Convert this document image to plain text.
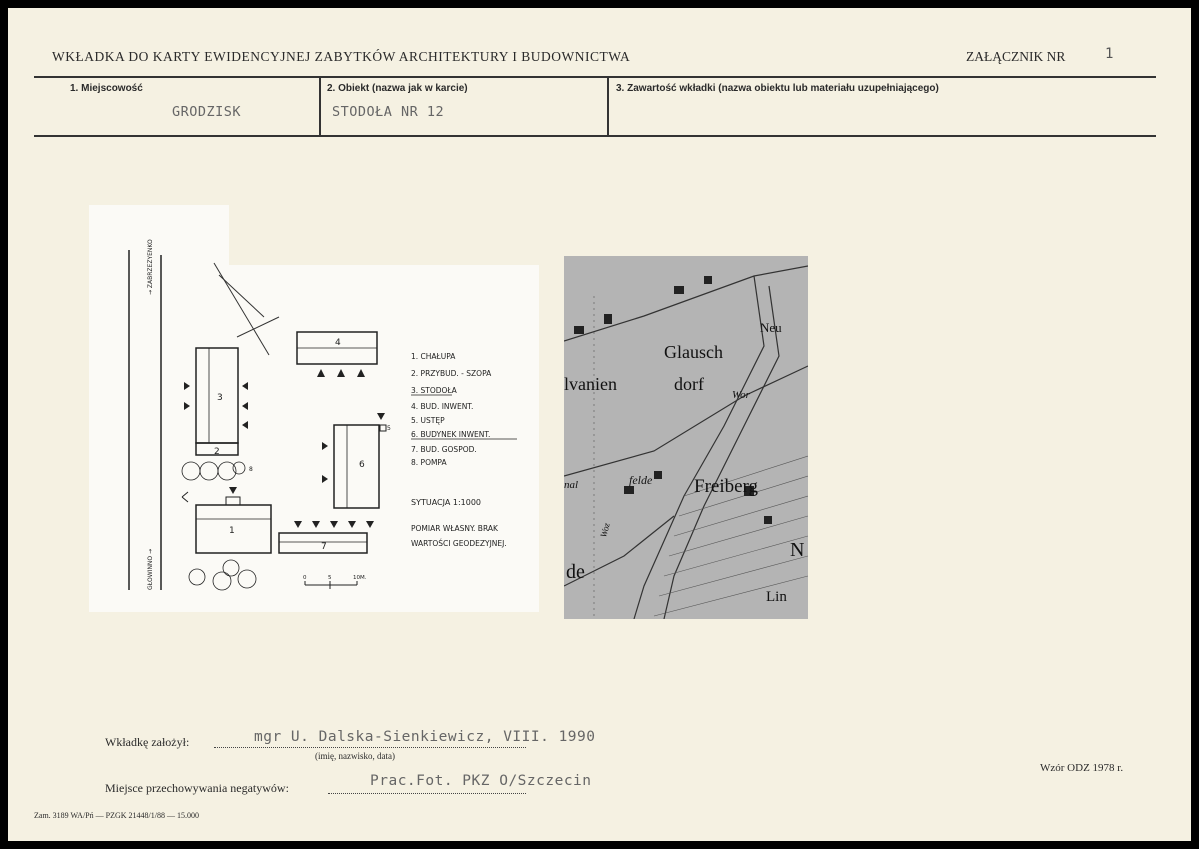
WKŁADKA DO KARTY EWIDENCYJNEJ ZABYTKÓW ARCHITEKTURY I BUDOWNICTWA	ZAŁĄCZNIK NR	1
1. Miejscowość
GRODZISK
2. Obiekt (nazwa jak w karcie)
STODOŁA NR 12
3. Zawartość wkładki (nazwa obiektu lub materiału uzupełniającego)
→ ZABRZEZYENKO
GŁOWINNO →
3
2
4
6
5
8
1
7
0	5	10M.
1. CHAŁUPA
2. PRZYBUD. - SZOPA
3. STODOŁA
4. BUD. INWENT.
5. USTĘP
6. BUDYNEK INWENT.
7. BUD. GOSPOD.
8. POMPA
SYTUACJA 1:1000
POMIAR WŁASNY. BRAK
WARTOŚCI GEODEZYJNEJ.
Glausch
dorf
lvanien
Neu
Freiberg
felde
de
N
Lin
Wor
nal
Woz
Wkładkę założył:	mgr U. Dalska-Sienkiewicz, VIII. 1990
(imię, nazwisko, data)
Miejsce przechowywania negatywów:	Prac.Fot. PKZ O/Szczecin
Wzór ODZ 1978 r.
Zam. 3189 WA/Pń — PZGK 21448/1/88 — 15.000
